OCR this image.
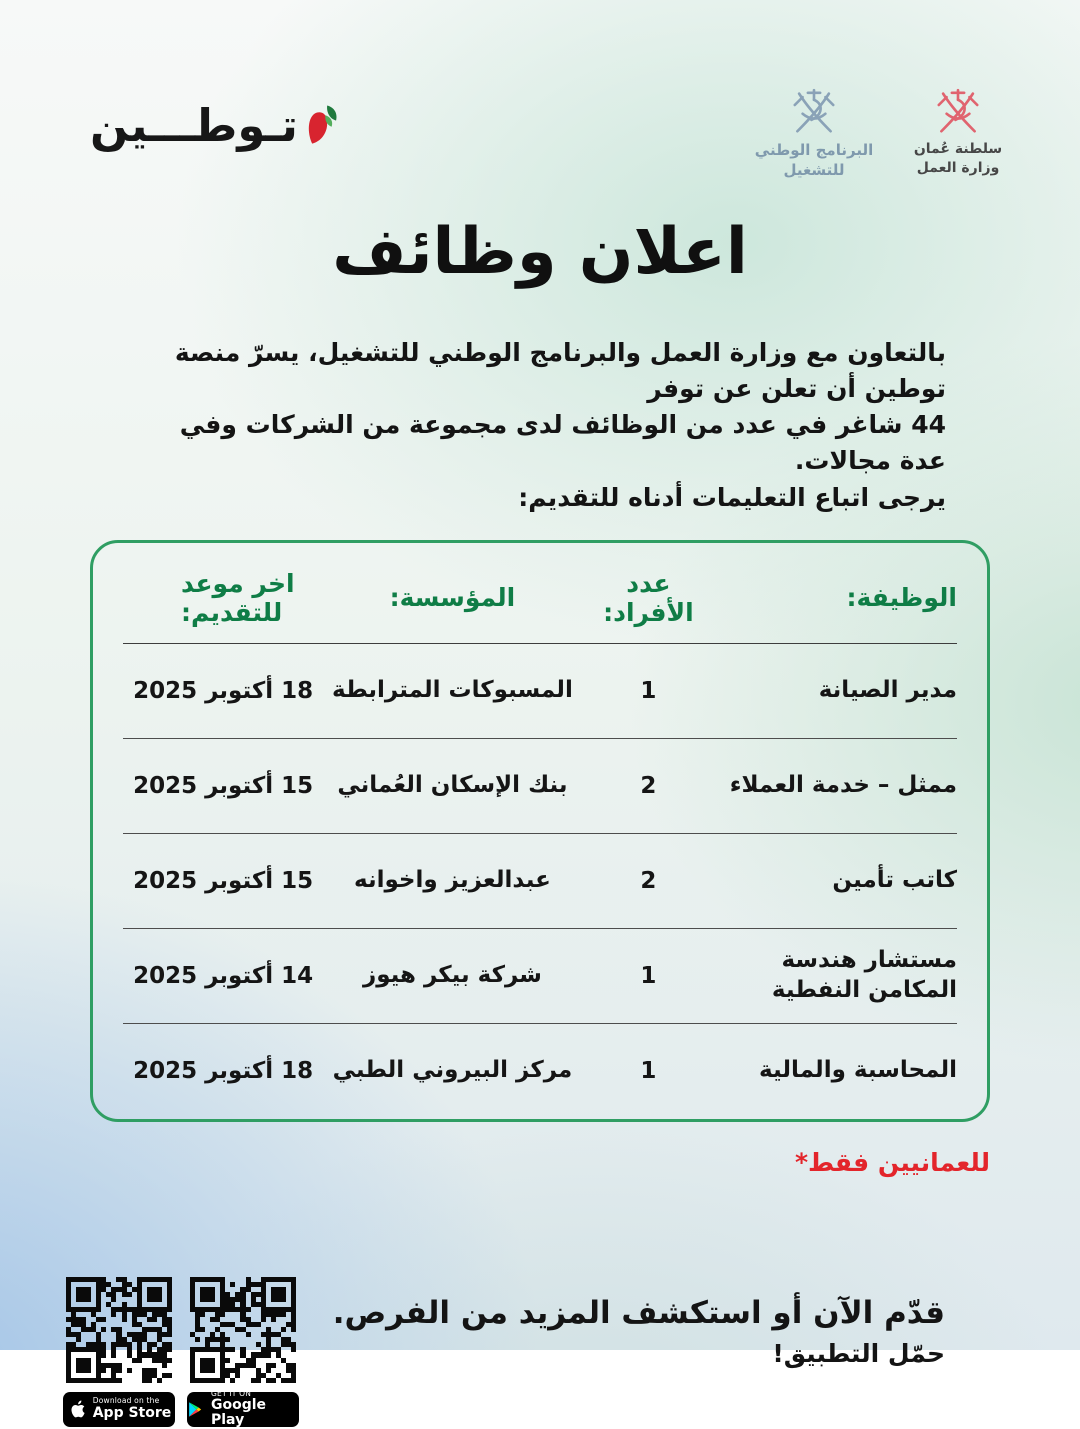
سلطنة عُمان
وزارة العمل
البرنامج الوطني
للتشغيل
تـوطـــين
اعلان وظائف
بالتعاون مع وزارة العمل والبرنامج الوطني للتشغيل، يسرّ منصة توطين أن تعلن عن توفر
44 شاغر في عدد من الوظائف لدى مجموعة من الشركات وفي عدة مجالات.
يرجى اتباع التعليمات أدناه للتقديم:
الوظيفة:
عدد الأفراد:
المؤسسة:
اخر موعد للتقديم:
مدير الصيانة
1
المسبوكات المترابطة
18 أكتوبر 2025
ممثل – خدمة العملاء
2
بنك الإسكان العُماني
15 أكتوبر 2025
كاتب تأمين
2
عبدالعزيز واخوانه
15 أكتوبر 2025
مستشار هندسة المكامن النفطية
1
شركة بيكر هيوز
14 أكتوبر 2025
المحاسبة والمالية
1
مركز البيروني الطبي
18 أكتوبر 2025
للعمانيين فقط*
قدّم الآن أو استكشف المزيد من الفرص.
حمّل التطبيق!
Download on the
App Store
GET IT ON
Google Play
